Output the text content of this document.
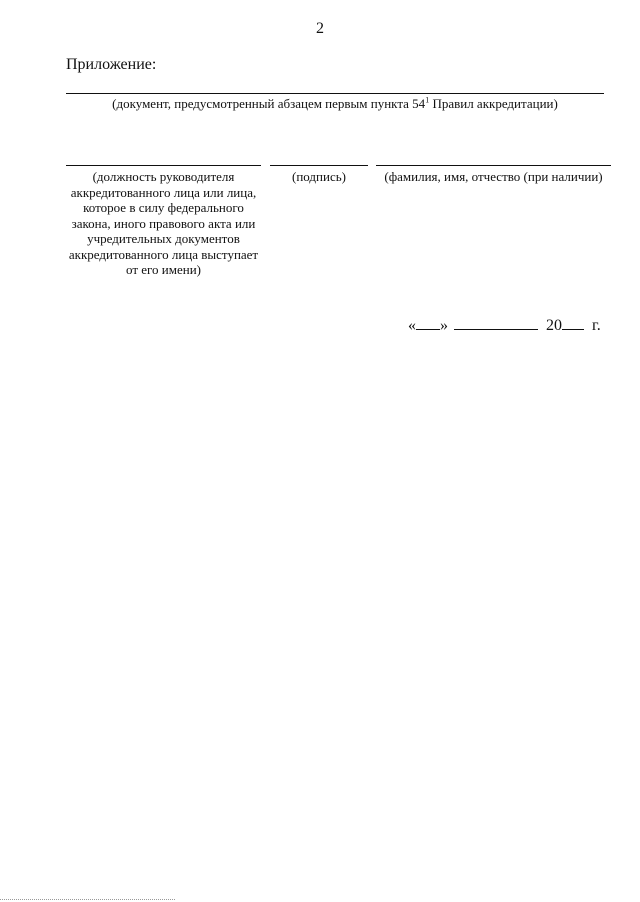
2
Приложение:
(документ, предусмотренный абзацем первым пункта $54^1$ Правил аккредитации)
(должность руководителя
аккредитованного лица или лица,
которое в силу федерального
закона, иного правового акта или
учредительных документов
аккредитованного лица выступает
от его имени)
(подпись)	(фамилия, имя, отчество (при наличии)
« »	20 г.
